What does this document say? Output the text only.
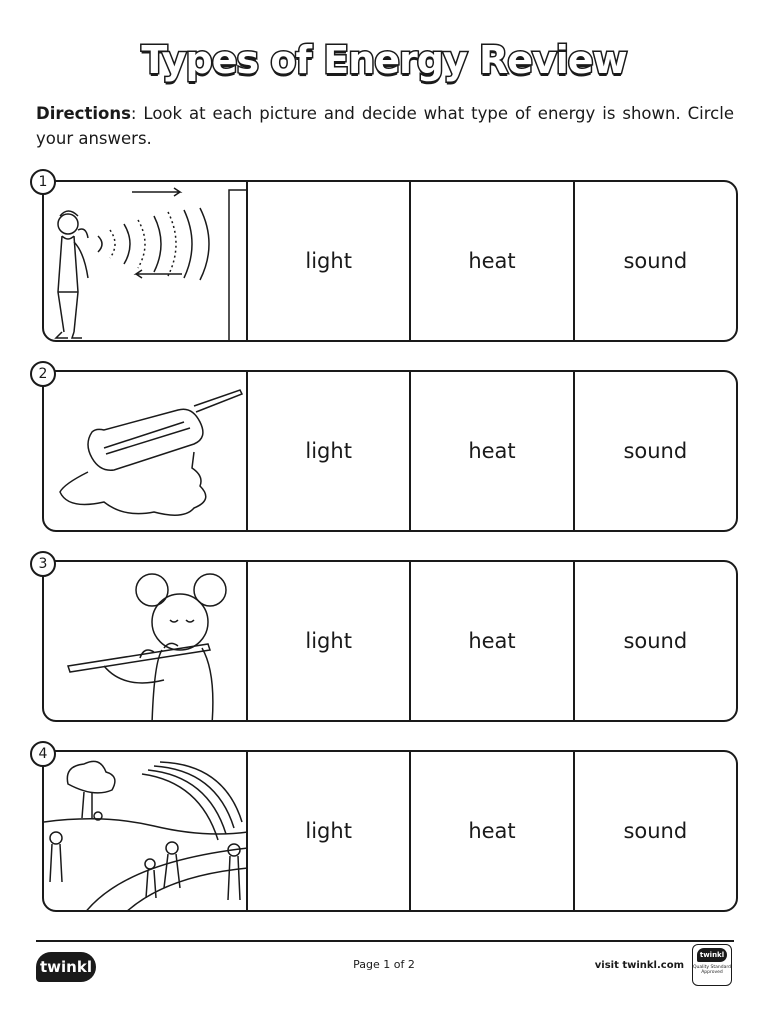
Types of Energy Review
Directions: Look at each picture and decide what type of energy is shown. Circle your answers.
light	heat	sound
1
light	heat	sound
2
light	heat	sound
3
light	heat	sound
4
twinkl	Page 1 of 2	visit twinkl.com
twinkl
Quality Standard Approved
